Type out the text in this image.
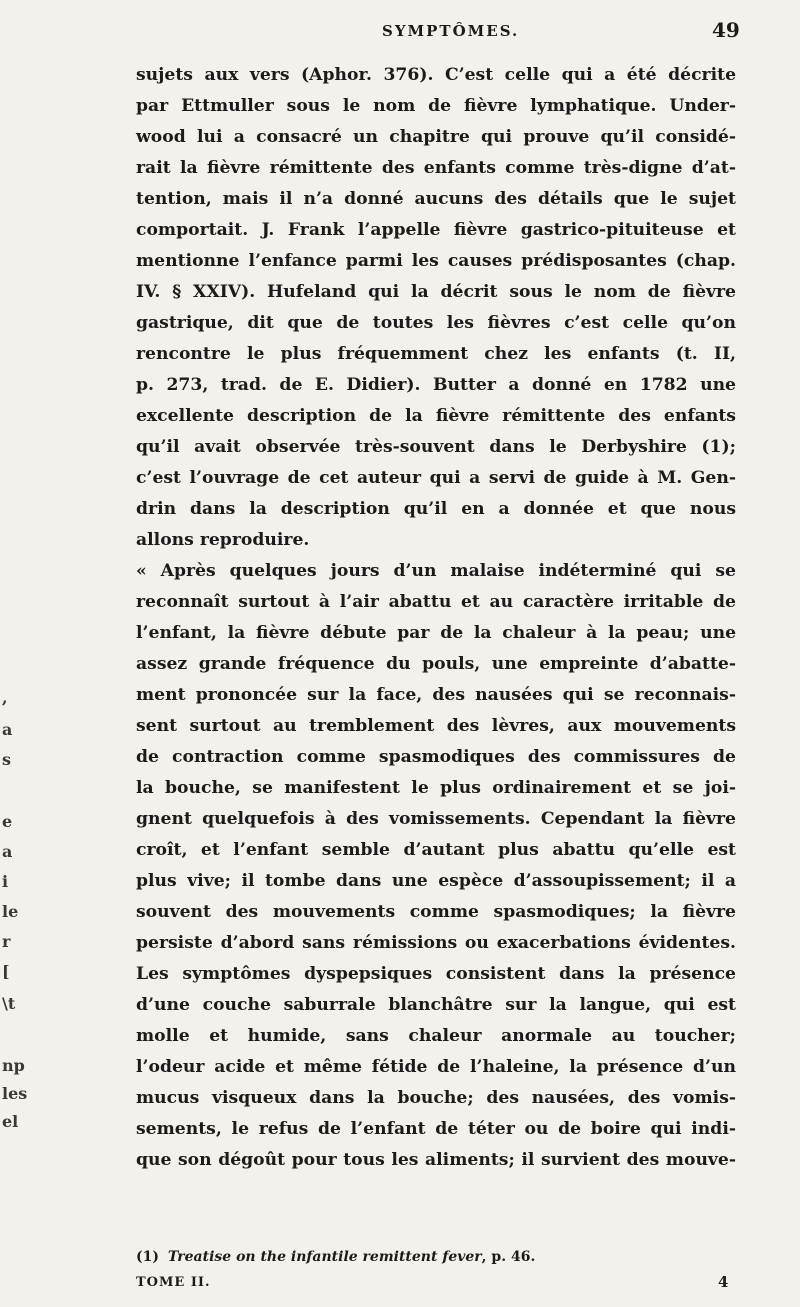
SYMPTÔMES.	49
,
a
s
e
a
i
le
r
[
\t
np
les
el
sujets aux vers (Aphor. 376). C’est celle qui a été décrite
par Ettmuller sous le nom de fièvre lymphatique. Under-
wood lui a consacré un chapitre qui prouve qu’il considé-
rait la fièvre rémittente des enfants comme très-digne d’at-
tention, mais il n’a donné aucuns des détails que le sujet
comportait. J. Frank l’appelle fièvre gastrico-pituiteuse et
mentionne l’enfance parmi les causes prédisposantes (chap.
IV. § XXIV). Hufeland qui la décrit sous le nom de fièvre
gastrique, dit que de toutes les fièvres c’est celle qu’on
rencontre le plus fréquemment chez les enfants (t. II,
p. 273, trad. de E. Didier). Butter a donné en 1782 une
excellente description de la fièvre rémittente des enfants
qu’il avait observée très-souvent dans le Derbyshire (1);
c’est l’ouvrage de cet auteur qui a servi de guide à M. Gen-
drin dans la description qu’il en a donnée et que nous
allons reproduire.
« Après quelques jours d’un malaise indéterminé qui se
reconnaît surtout à l’air abattu et au caractère irritable de
l’enfant, la fièvre débute par de la chaleur à la peau; une
assez grande fréquence du pouls, une empreinte d’abatte-
ment prononcée sur la face, des nausées qui se reconnais-
sent surtout au tremblement des lèvres, aux mouvements
de contraction comme spasmodiques des commissures de
la bouche, se manifestent le plus ordinairement et se joi-
gnent quelquefois à des vomissements. Cependant la fièvre
croît, et l’enfant semble d’autant plus abattu qu’elle est
plus vive; il tombe dans une espèce d’assoupissement; il a
souvent des mouvements comme spasmodiques; la fièvre
persiste d’abord sans rémissions ou exacerbations évidentes.
Les symptômes dyspepsiques consistent dans la présence
d’une couche saburrale blanchâtre sur la langue, qui est
molle et humide, sans chaleur anormale au toucher;
l’odeur acide et même fétide de l’haleine, la présence d’un
mucus visqueux dans la bouche; des nausées, des vomis-
sements, le refus de l’enfant de téter ou de boire qui indi-
que son dégoût pour tous les aliments; il survient des mouve-
(1) Treatise on the infantile remittent fever, p. 46.
TOME II.	4
